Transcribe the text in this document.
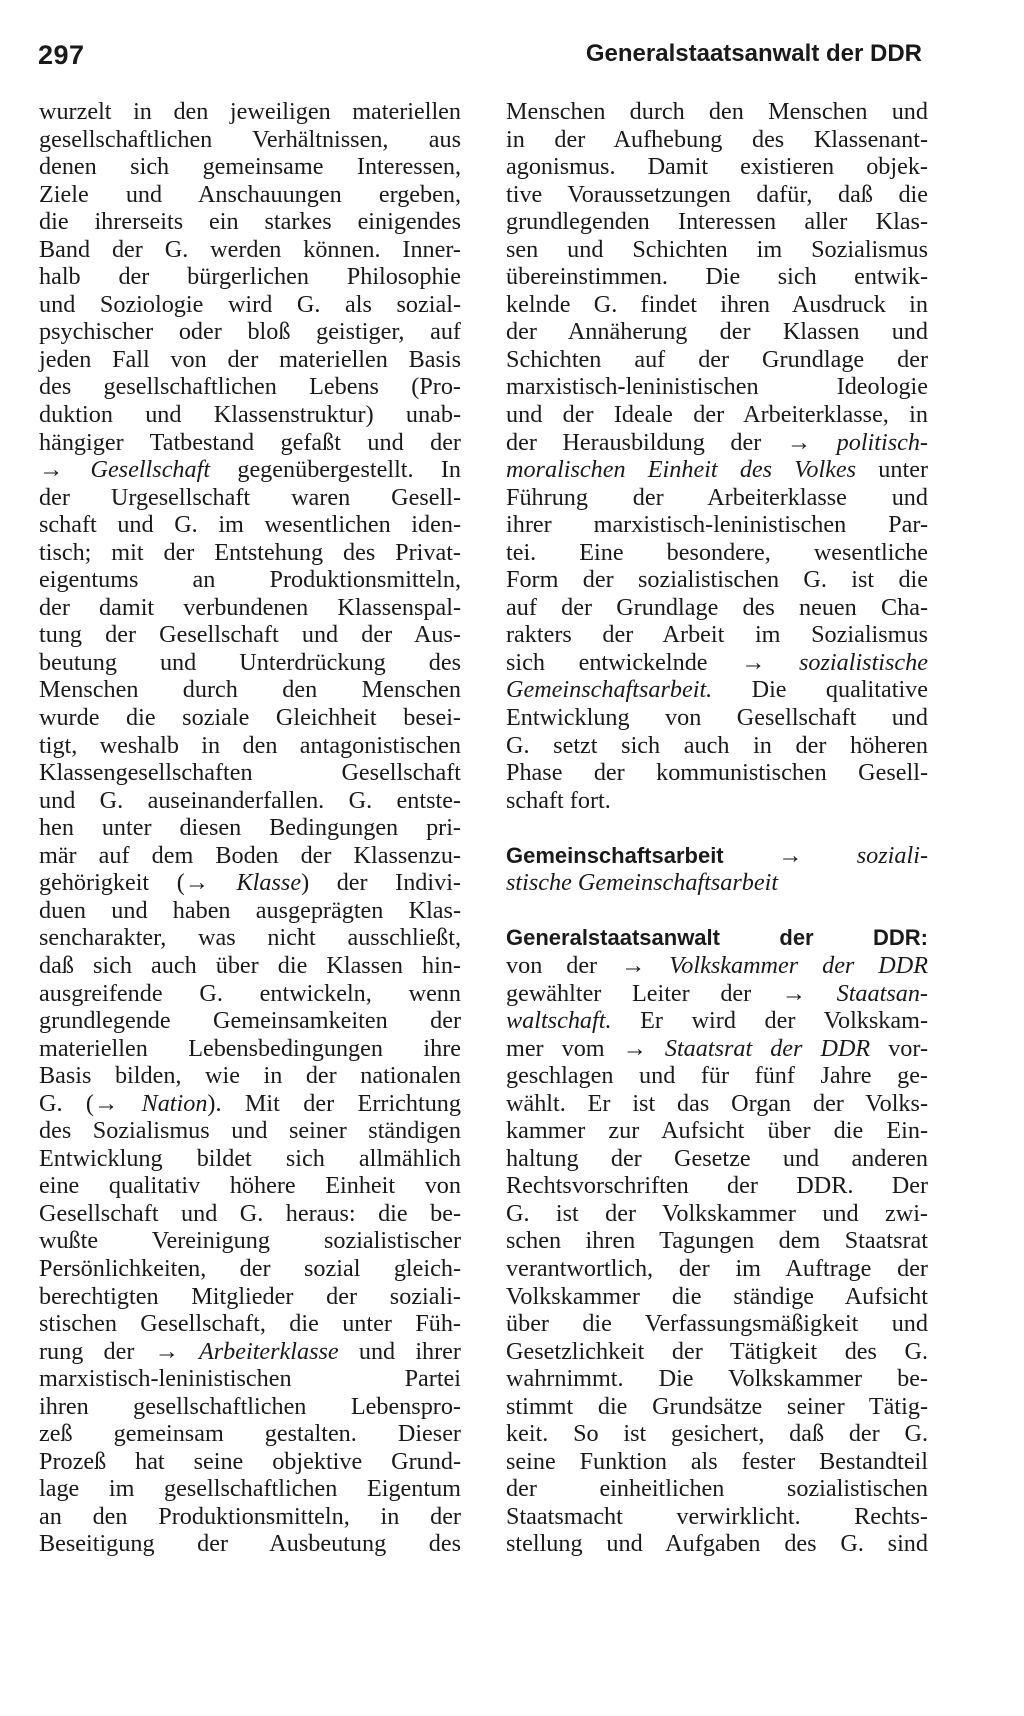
297	Generalstaatsanwalt der DDR
wurzelt in den jeweiligen materiellen
gesellschaftlichen Verhältnissen, aus
denen sich gemeinsame Interessen,
Ziele und Anschauungen ergeben,
die ihrerseits ein starkes einigendes
Band der G. werden können. Inner-
halb der bürgerlichen Philosophie
und Soziologie wird G. als sozial-
psychischer oder bloß geistiger, auf
jeden Fall von der materiellen Basis
des gesellschaftlichen Lebens (Pro-
duktion und Klassenstruktur) unab-
hängiger Tatbestand gefaßt und der
→ Gesellschaft gegenübergestellt. In
der Urgesellschaft waren Gesell-
schaft und G. im wesentlichen iden-
tisch; mit der Entstehung des Privat-
eigentums an Produktionsmitteln,
der damit verbundenen Klassenspal-
tung der Gesellschaft und der Aus-
beutung und Unterdrückung des
Menschen durch den Menschen
wurde die soziale Gleichheit besei-
tigt, weshalb in den antagonistischen
Klassengesellschaften Gesellschaft
und G. auseinanderfallen. G. entste-
hen unter diesen Bedingungen pri-
mär auf dem Boden der Klassenzu-
gehörigkeit (→ Klasse) der Indivi-
duen und haben ausgeprägten Klas-
sencharakter, was nicht ausschließt,
daß sich auch über die Klassen hin-
ausgreifende G. entwickeln, wenn
grundlegende Gemeinsamkeiten der
materiellen Lebensbedingungen ihre
Basis bilden, wie in der nationalen
G. (→ Nation). Mit der Errichtung
des Sozialismus und seiner ständigen
Entwicklung bildet sich allmählich
eine qualitativ höhere Einheit von
Gesellschaft und G. heraus: die be-
wußte Vereinigung sozialistischer
Persönlichkeiten, der sozial gleich-
berechtigten Mitglieder der soziali-
stischen Gesellschaft, die unter Füh-
rung der → Arbeiterklasse und ihrer
marxistisch-leninistischen Partei
ihren gesellschaftlichen Lebenspro-
zeß gemeinsam gestalten. Dieser
Prozeß hat seine objektive Grund-
lage im gesellschaftlichen Eigentum
an den Produktionsmitteln, in der
Beseitigung der Ausbeutung des
Menschen durch den Menschen und
in der Aufhebung des Klassenant-
agonismus. Damit existieren objek-
tive Voraussetzungen dafür, daß die
grundlegenden Interessen aller Klas-
sen und Schichten im Sozialismus
übereinstimmen. Die sich entwik-
kelnde G. findet ihren Ausdruck in
der Annäherung der Klassen und
Schichten auf der Grundlage der
marxistisch-leninistischen Ideologie
und der Ideale der Arbeiterklasse, in
der Herausbildung der → politisch-
moralischen Einheit des Volkes unter
Führung der Arbeiterklasse und
ihrer marxistisch-leninistischen Par-
tei. Eine besondere, wesentliche
Form der sozialistischen G. ist die
auf der Grundlage des neuen Cha-
rakters der Arbeit im Sozialismus
sich entwickelnde → sozialistische
Gemeinschaftsarbeit. Die qualitative
Entwicklung von Gesellschaft und
G. setzt sich auch in der höheren
Phase der kommunistischen Gesell-
schaft fort.
Gemeinschaftsarbeit → soziali-
stische Gemeinschaftsarbeit
Generalstaatsanwalt der DDR:
von der → Volkskammer der DDR
gewählter Leiter der → Staatsan-
waltschaft. Er wird der Volkskam-
mer vom → Staatsrat der DDR vor-
geschlagen und für fünf Jahre ge-
wählt. Er ist das Organ der Volks-
kammer zur Aufsicht über die Ein-
haltung der Gesetze und anderen
Rechtsvorschriften der DDR. Der
G. ist der Volkskammer und zwi-
schen ihren Tagungen dem Staatsrat
verantwortlich, der im Auftrage der
Volkskammer die ständige Aufsicht
über die Verfassungsmäßigkeit und
Gesetzlichkeit der Tätigkeit des G.
wahrnimmt. Die Volkskammer be-
stimmt die Grundsätze seiner Tätig-
keit. So ist gesichert, daß der G.
seine Funktion als fester Bestandteil
der einheitlichen sozialistischen
Staatsmacht verwirklicht. Rechts-
stellung und Aufgaben des G. sind
